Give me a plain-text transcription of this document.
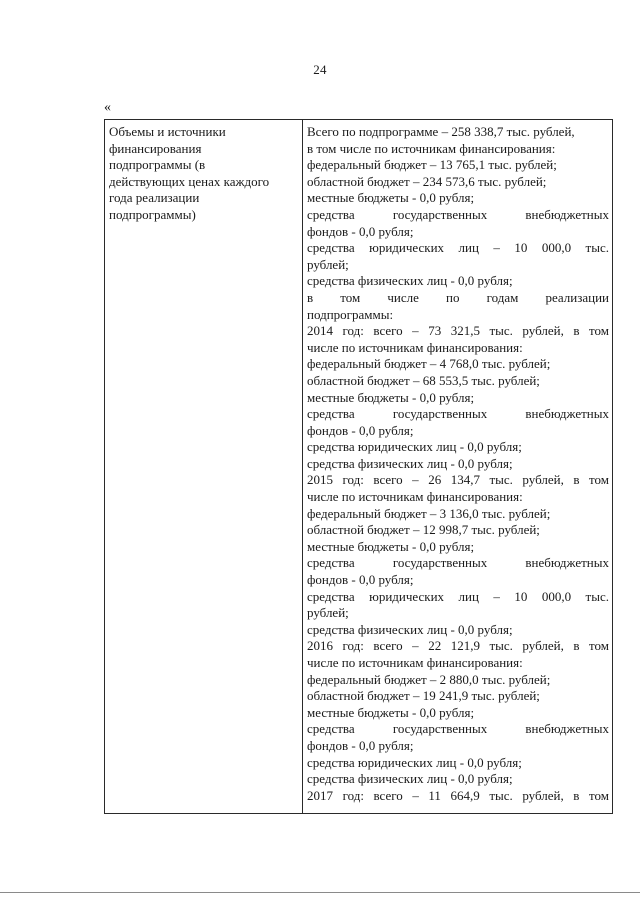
24
«
Объемы и источники
финансирования
подпрограммы (в
действующих ценах каждого
года реализации
подпрограммы)
Всего по подпрограмме – 258 338,7 тыс. рублей,
в том числе по источникам финансирования:
федеральный бюджет – 13 765,1 тыс. рублей;
областной бюджет – 234 573,6 тыс. рублей;
местные бюджеты - 0,0 рубля;
средства государственных внебюджетных
фондов - 0,0 рубля;
средства юридических лиц – 10 000,0 тыс.
рублей;
средства физических лиц - 0,0 рубля;
в том числе по годам реализации
подпрограммы:
2014 год: всего – 73 321,5 тыс. рублей, в том
числе по источникам финансирования:
федеральный бюджет – 4 768,0 тыс. рублей;
областной бюджет – 68 553,5 тыс. рублей;
местные бюджеты - 0,0 рубля;
средства государственных внебюджетных
фондов - 0,0 рубля;
средства юридических лиц - 0,0 рубля;
средства физических лиц - 0,0 рубля;
2015 год: всего – 26 134,7 тыс. рублей, в том
числе по источникам финансирования:
федеральный бюджет – 3 136,0 тыс. рублей;
областной бюджет – 12 998,7 тыс. рублей;
местные бюджеты - 0,0 рубля;
средства государственных внебюджетных
фондов - 0,0 рубля;
средства юридических лиц – 10 000,0 тыс.
рублей;
средства физических лиц - 0,0 рубля;
2016 год: всего – 22 121,9 тыс. рублей, в том
числе по источникам финансирования:
федеральный бюджет – 2 880,0 тыс. рублей;
областной бюджет – 19 241,9 тыс. рублей;
местные бюджеты - 0,0 рубля;
средства государственных внебюджетных
фондов - 0,0 рубля;
средства юридических лиц - 0,0 рубля;
средства физических лиц - 0,0 рубля;
2017 год: всего – 11 664,9 тыс. рублей, в том
